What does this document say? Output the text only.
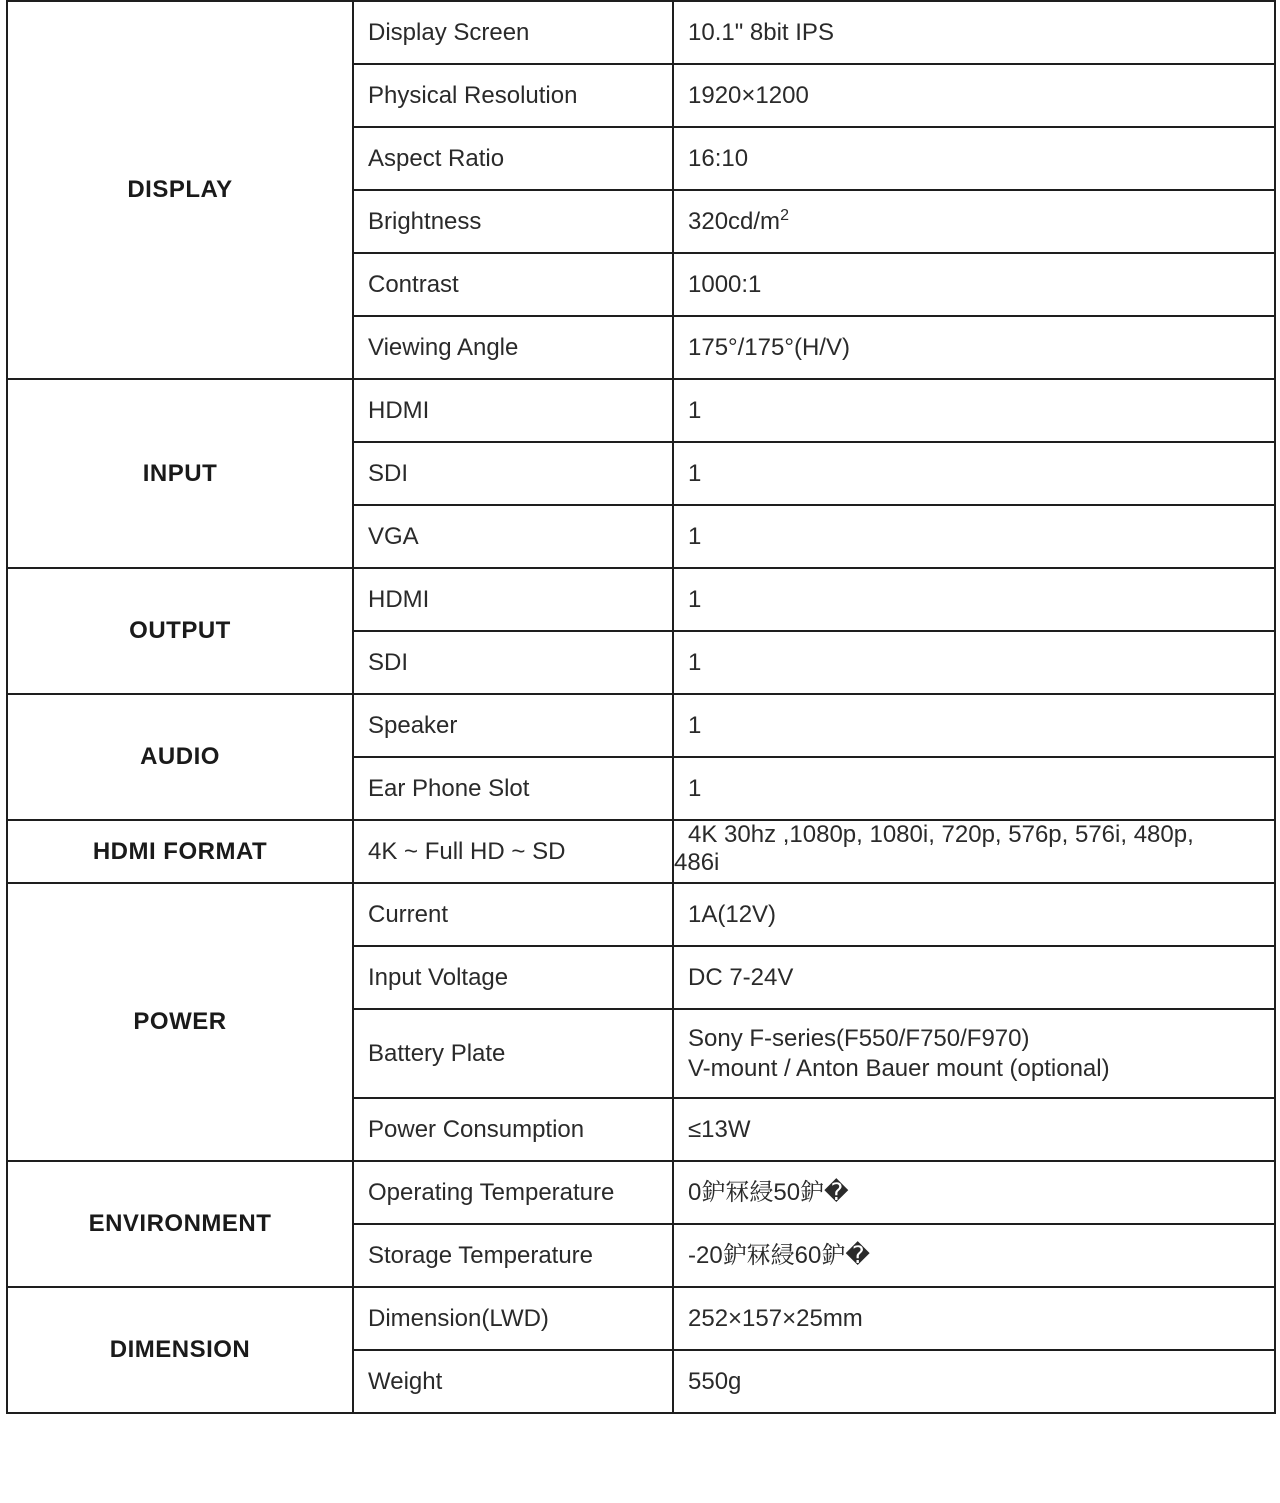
DISPLAY	Display Screen	10.1" 8bit IPS
	Physical Resolution	1920×1200
	Aspect Ratio	16:10
	Brightness	$320cd/m^2$
	Contrast	1000:1
	Viewing Angle	175°/175°(H/V)
INPUT	HDMI	1
	SDI	1
	VGA	1
OUTPUT	HDMI	1
	SDI	1
AUDIO	Speaker	1
	Ear Phone Slot	1
HDMI FORMAT	4K ~ Full HD ~ SD	4K 30hz ,1080p, 1080i, 720p, 576p, 576i, 480p,
486i

POWER	Current	1A(12V)
	Input Voltage	DC 7-24V
	Battery Plate	Sony F-series(F550/F750/F970)
V-mount / Anton Bauer mount (optional)

	Power Consumption	≤13W
ENVIRONMENT	Operating Temperature	0鈩冧綅50鈩�
	Storage Temperature	-20鈩冧綅60鈩�
DIMENSION	Dimension(LWD)	252×157×25mm
	Weight	550g
